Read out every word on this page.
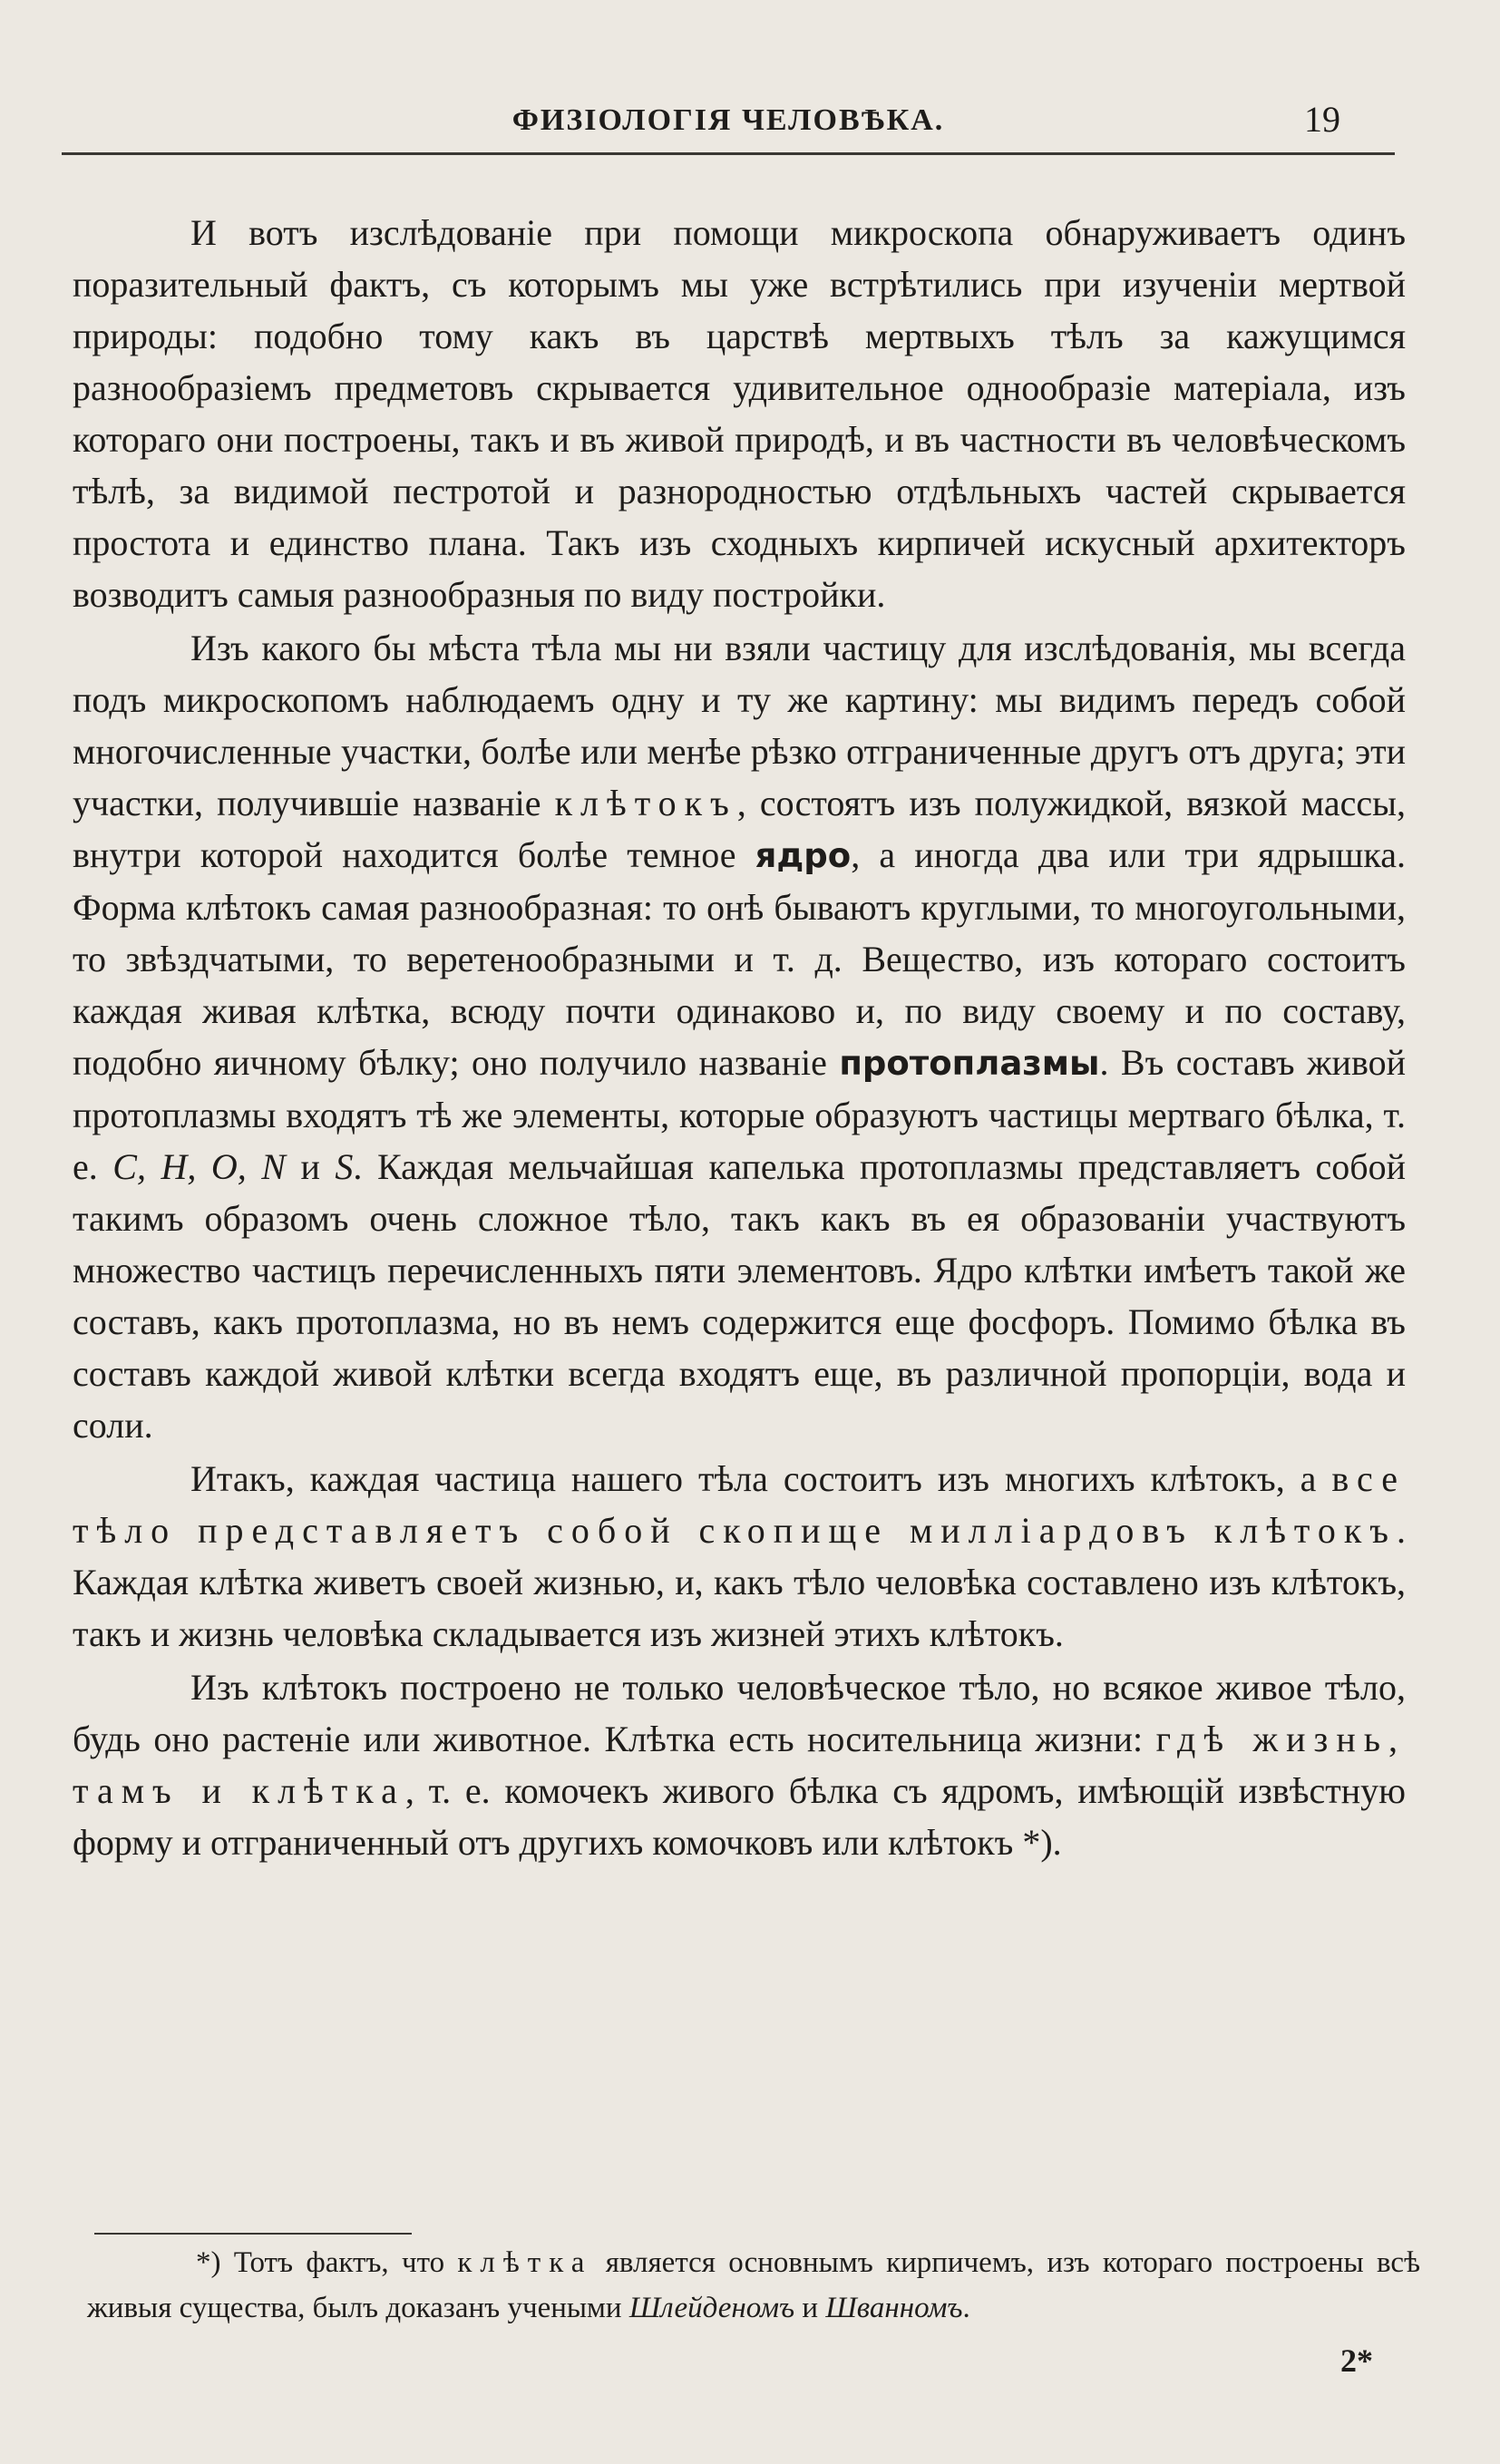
ФИЗІОЛОГІЯ ЧЕЛОВѢКА.	19

И вотъ изслѣдованіе при помощи микроскопа обнаруживаетъ одинъ поразительный фактъ, съ которымъ мы уже встрѣтились при изученіи мертвой природы: подобно тому какъ въ царствѣ мертвыхъ тѣлъ за кажущимся разнообразіемъ предметовъ скрывается удивительное однообразіе матеріала, изъ котораго они построены, такъ и въ живой природѣ, и въ частности въ человѣческомъ тѣлѣ, за видимой пестротой и разнородностью отдѣльныхъ частей скрывается простота и единство плана. Такъ изъ сходныхъ кирпичей искусный архитекторъ возводитъ самыя разнообразныя по виду постройки.

Изъ какого бы мѣста тѣла мы ни взяли частицу для изслѣдованія, мы всегда подъ микроскопомъ наблюдаемъ одну и ту же картину: мы видимъ передъ собой многочисленные участки, болѣе или менѣе рѣзко отграниченные другъ отъ друга; эти участки, получившіе названіе клѣтокъ, состоятъ изъ полужидкой, вязкой массы, внутри которой находится болѣе темное ядро, а иногда два или три ядрышка. Форма клѣтокъ самая разнообразная: то онѣ бываютъ круглыми, то многоугольными, то звѣздчатыми, то веретенообразными и т. д. Вещество, изъ котораго состоитъ каждая живая клѣтка, всюду почти одинаково и, по виду своему и по составу, подобно яичному бѣлку; оно получило названіе протоплазмы. Въ составъ живой протоплазмы входятъ тѣ же элементы, которые образуютъ частицы мертваго бѣлка, т. е. C, H, O, N и S. Каждая мельчайшая капелька протоплазмы представляетъ собой такимъ образомъ очень сложное тѣло, такъ какъ въ ея образованіи участвуютъ множество частицъ перечисленныхъ пяти элементовъ. Ядро клѣтки имѣетъ такой же составъ, какъ протоплазма, но въ немъ содержится еще фосфоръ. Помимо бѣлка въ составъ каждой живой клѣтки всегда входятъ еще, въ различной пропорціи, вода и соли.

Итакъ, каждая частица нашего тѣла состоитъ изъ многихъ клѣтокъ, а все тѣло представляетъ собой скопище милліардовъ клѣтокъ. Каждая клѣтка живетъ своей жизнью, и, какъ тѣло человѣка составлено изъ клѣтокъ, такъ и жизнь человѣка складывается изъ жизней этихъ клѣтокъ.

Изъ клѣтокъ построено не только человѣческое тѣло, но всякое живое тѣло, будь оно растеніе или животное. Клѣтка есть носительница жизни: гдѣ жизнь, тамъ и клѣтка, т. е. комочекъ живого бѣлка съ ядромъ, имѣющій извѣстную форму и отграниченный отъ другихъ комочковъ или клѣтокъ *).

*) Тотъ фактъ, что клѣтка является основнымъ кирпичемъ, изъ котораго построены всѣ живыя существа, былъ доказанъ учеными Шлейденомъ и Шванномъ.
2*
